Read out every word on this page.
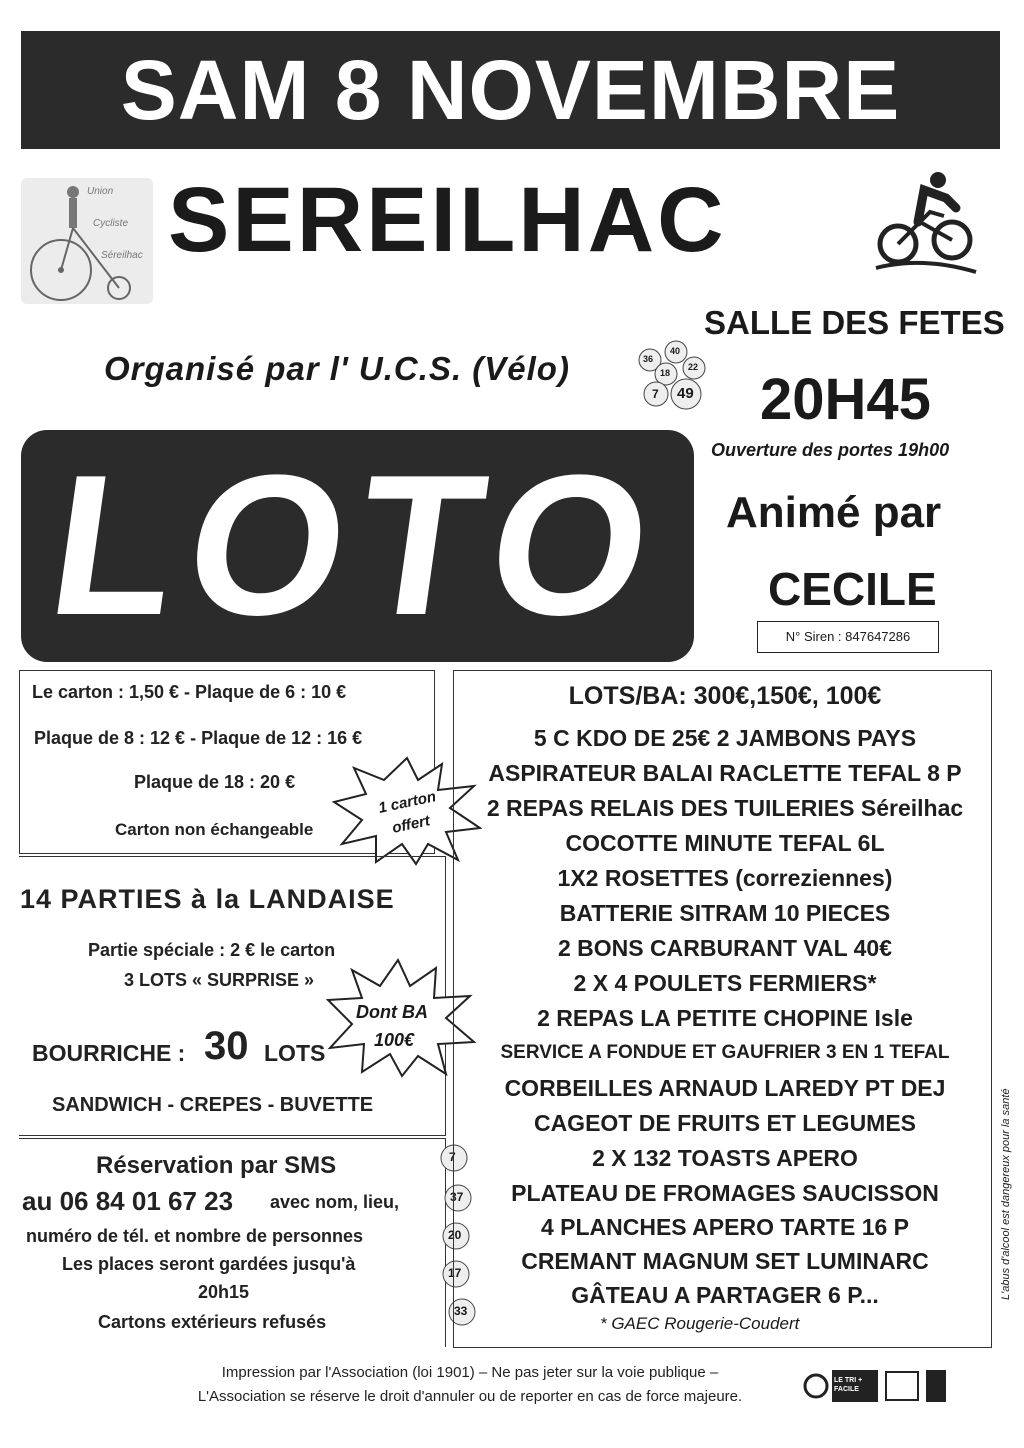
SAM 8 NOVEMBRE
Union
Cycliste
Séreilhac SEREILHAC
Organisé par l' U.C.S. (Vélo)	36
40
18
22
7 49
SALLE DES FETES
20H45
Ouverture des portes 19h00
Animé par
CECILE
N° Siren : 847647286
LOTO
Le carton : 1,50 € - Plaque de 6 : 10 €
Plaque de 8 : 12 € - Plaque de 12 : 16 €
Plaque de 18 : 20 €
Carton non échangeable
1 carton
offert
14 PARTIES à la LANDAISE
Partie spéciale : 2 € le carton
3 LOTS « SURPRISE »
BOURRICHE : 30 LOTS
SANDWICH - CREPES - BUVETTE
Dont BA
100€
Réservation par SMS
au 06 84 01 67 23 avec nom, lieu,
numéro de tél. et nombre de personnes
Les places seront gardées jusqu'à
20h15
Cartons extérieurs refusés
7
37
20
17
33
LOTS/BA: 300€,150€, 100€
5 C KDO DE 25€ 2 JAMBONS PAYS
ASPIRATEUR BALAI RACLETTE TEFAL 8 P
2 REPAS RELAIS DES TUILERIES Séreilhac
COCOTTE MINUTE TEFAL 6L
1X2 ROSETTES (correziennes)
BATTERIE SITRAM 10 PIECES
2 BONS CARBURANT VAL 40€
2 X 4 POULETS FERMIERS*
2 REPAS LA PETITE CHOPINE Isle
SERVICE A FONDUE ET GAUFRIER 3 EN 1 TEFAL
CORBEILLES ARNAUD LAREDY PT DEJ
CAGEOT DE FRUITS ET LEGUMES
2 X 132 TOASTS APERO
PLATEAU DE FROMAGES SAUCISSON
4 PLANCHES APERO TARTE 16 P
CREMANT MAGNUM SET LUMINARC
GÂTEAU A PARTAGER 6 P...
* GAEC Rougerie-Coudert
L'abus d'alcool est dangereux pour la santé
Impression par l'Association (loi 1901) – Ne pas jeter sur la voie publique –
L'Association se réserve le droit d'annuler ou de reporter en cas de force majeure.
LE TRI + FACILE
